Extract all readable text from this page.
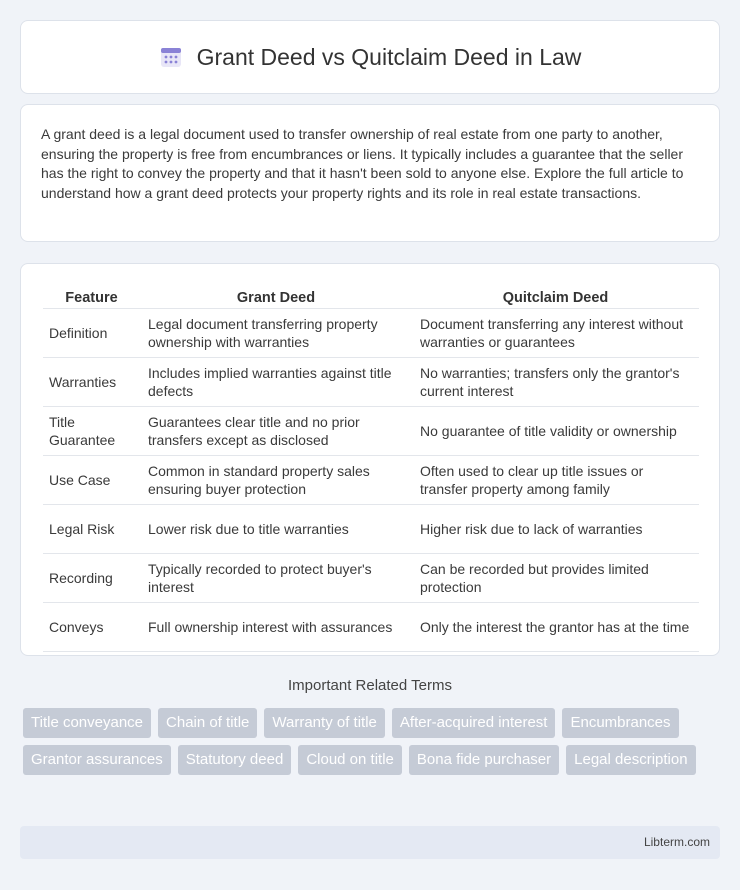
Grant Deed vs Quitclaim Deed in Law

A grant deed is a legal document used to transfer ownership of real estate from one party to another, ensuring the property is free from encumbrances or liens. It typically includes a guarantee that the seller has the right to convey the property and that it hasn't been sold to anyone else. Explore the full article to understand how a grant deed protects your property rights and its role in real estate transactions.

Feature	Grant Deed	Quitclaim Deed
Definition	Legal document transferring property ownership with warranties	Document transferring any interest without warranties or guarantees
Warranties	Includes implied warranties against title defects	No warranties; transfers only the grantor's current interest
Title Guarantee	Guarantees clear title and no prior transfers except as disclosed	No guarantee of title validity or ownership
Use Case	Common in standard property sales ensuring buyer protection	Often used to clear up title issues or transfer property among family
Legal Risk	Lower risk due to title warranties	Higher risk due to lack of warranties
Recording	Typically recorded to protect buyer's interest	Can be recorded but provides limited protection
Conveys	Full ownership interest with assurances	Only the interest the grantor has at the time
Important Related Terms
Title conveyance	Chain of title	Warranty of title	After-acquired interest	Encumbrances
Grantor assurances	Statutory deed	Cloud on title	Bona fide purchaser	Legal description
Libterm.com
